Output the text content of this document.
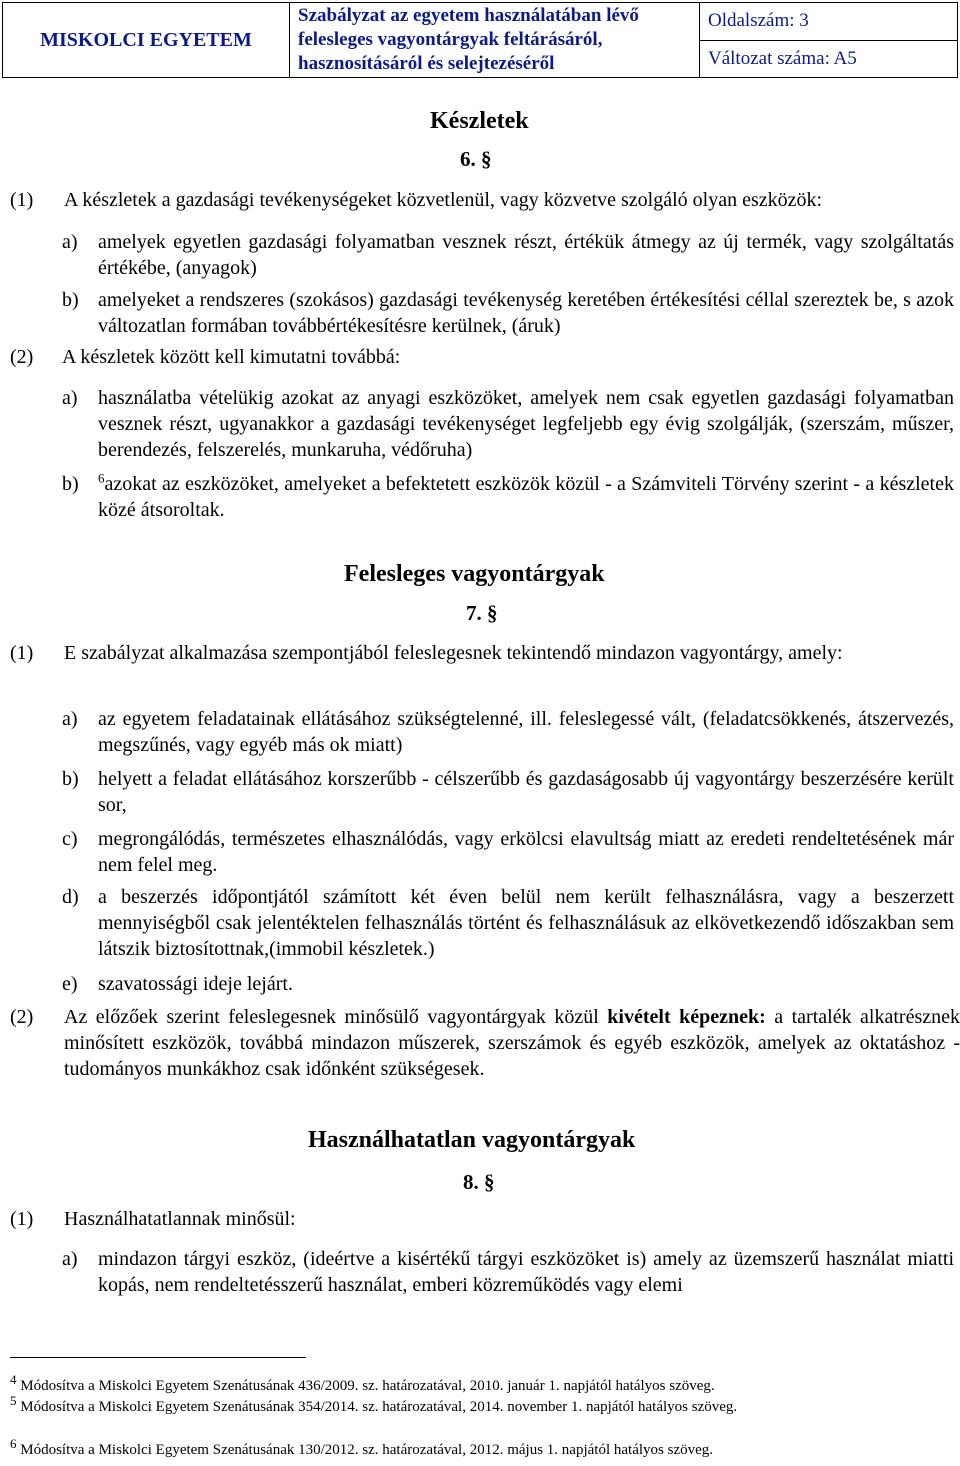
MISKOLCI EGYETEM
Szabályzat az egyetem használatában lévő
felesleges vagyontárgyak feltárásáról,
hasznosításáról és selejtezéséről
Oldalszám: 3
Változat száma: A5
Készletek
6. §
(1) A készletek a gazdasági tevékenységeket közvetlenül, vagy közvetve szolgáló olyan eszközök:
a) amelyek egyetlen gazdasági folyamatban vesznek részt, értékük átmegy az új termék, vagy szolgáltatás értékébe, (anyagok)
b) amelyeket a rendszeres (szokásos) gazdasági tevékenység keretében értékesítési céllal szereztek be, s azok változatlan formában továbbértékesítésre kerülnek, (áruk)
(2) A készletek között kell kimutatni továbbá:
a) használatba vételükig azokat az anyagi eszközöket, amelyek nem csak egyetlen gazdasági folyamatban vesznek részt, ugyanakkor a gazdasági tevékenységet legfeljebb egy évig szolgálják, (szerszám, műszer, berendezés, felszerelés, munkaruha, védőruha)
b) $^6$azokat az eszközöket, amelyeket a befektetett eszközök közül - a Számviteli Törvény szerint - a készletek közé átsoroltak.
Felesleges vagyontárgyak
7. §
(1) E szabályzat alkalmazása szempontjából feleslegesnek tekintendő mindazon vagyontárgy, amely:
a) az egyetem feladatainak ellátásához szükségtelenné, ill. feleslegessé vált, (feladatcsökkenés, átszervezés, megszűnés, vagy egyéb más ok miatt)
b) helyett a feladat ellátásához korszerűbb - célszerűbb és gazdaságosabb új vagyontárgy beszerzésére került sor,
c) megrongálódás, természetes elhasználódás, vagy erkölcsi elavultság miatt az eredeti rendeltetésének már nem felel meg.
d) a beszerzés időpontjától számított két éven belül nem került felhasználásra, vagy a beszerzett mennyiségből csak jelentéktelen felhasználás történt és felhasználásuk az elkövetkezendő időszakban sem látszik biztosítottnak,(immobil készletek.)
e) szavatossági ideje lejárt.
(2) Az előzőek szerint feleslegesnek minősülő vagyontárgyak közül kivételt képeznek: a tartalék alkatrésznek minősített eszközök, továbbá mindazon műszerek, szerszámok és egyéb eszközök, amelyek az oktatáshoz - tudományos munkákhoz csak időnként szükségesek.
Használhatatlan vagyontárgyak
8. §
(1) Használhatatlannak minősül:
a) mindazon tárgyi eszköz, (ideértve a kisértékű tárgyi eszközöket is) amely az üzemszerű használat miatti kopás, nem rendeltetésszerű használat, emberi közreműködés vagy elemi
4 Módosítva a Miskolci Egyetem Szenátusának 436/2009. sz. határozatával, 2010. január 1. napjától hatályos szöveg.
5 Módosítva a Miskolci Egyetem Szenátusának 354/2014. sz. határozatával, 2014. november 1. napjától hatályos szöveg.
6 Módosítva a Miskolci Egyetem Szenátusának 130/2012. sz. határozatával, 2012. május 1. napjától hatályos szöveg.
